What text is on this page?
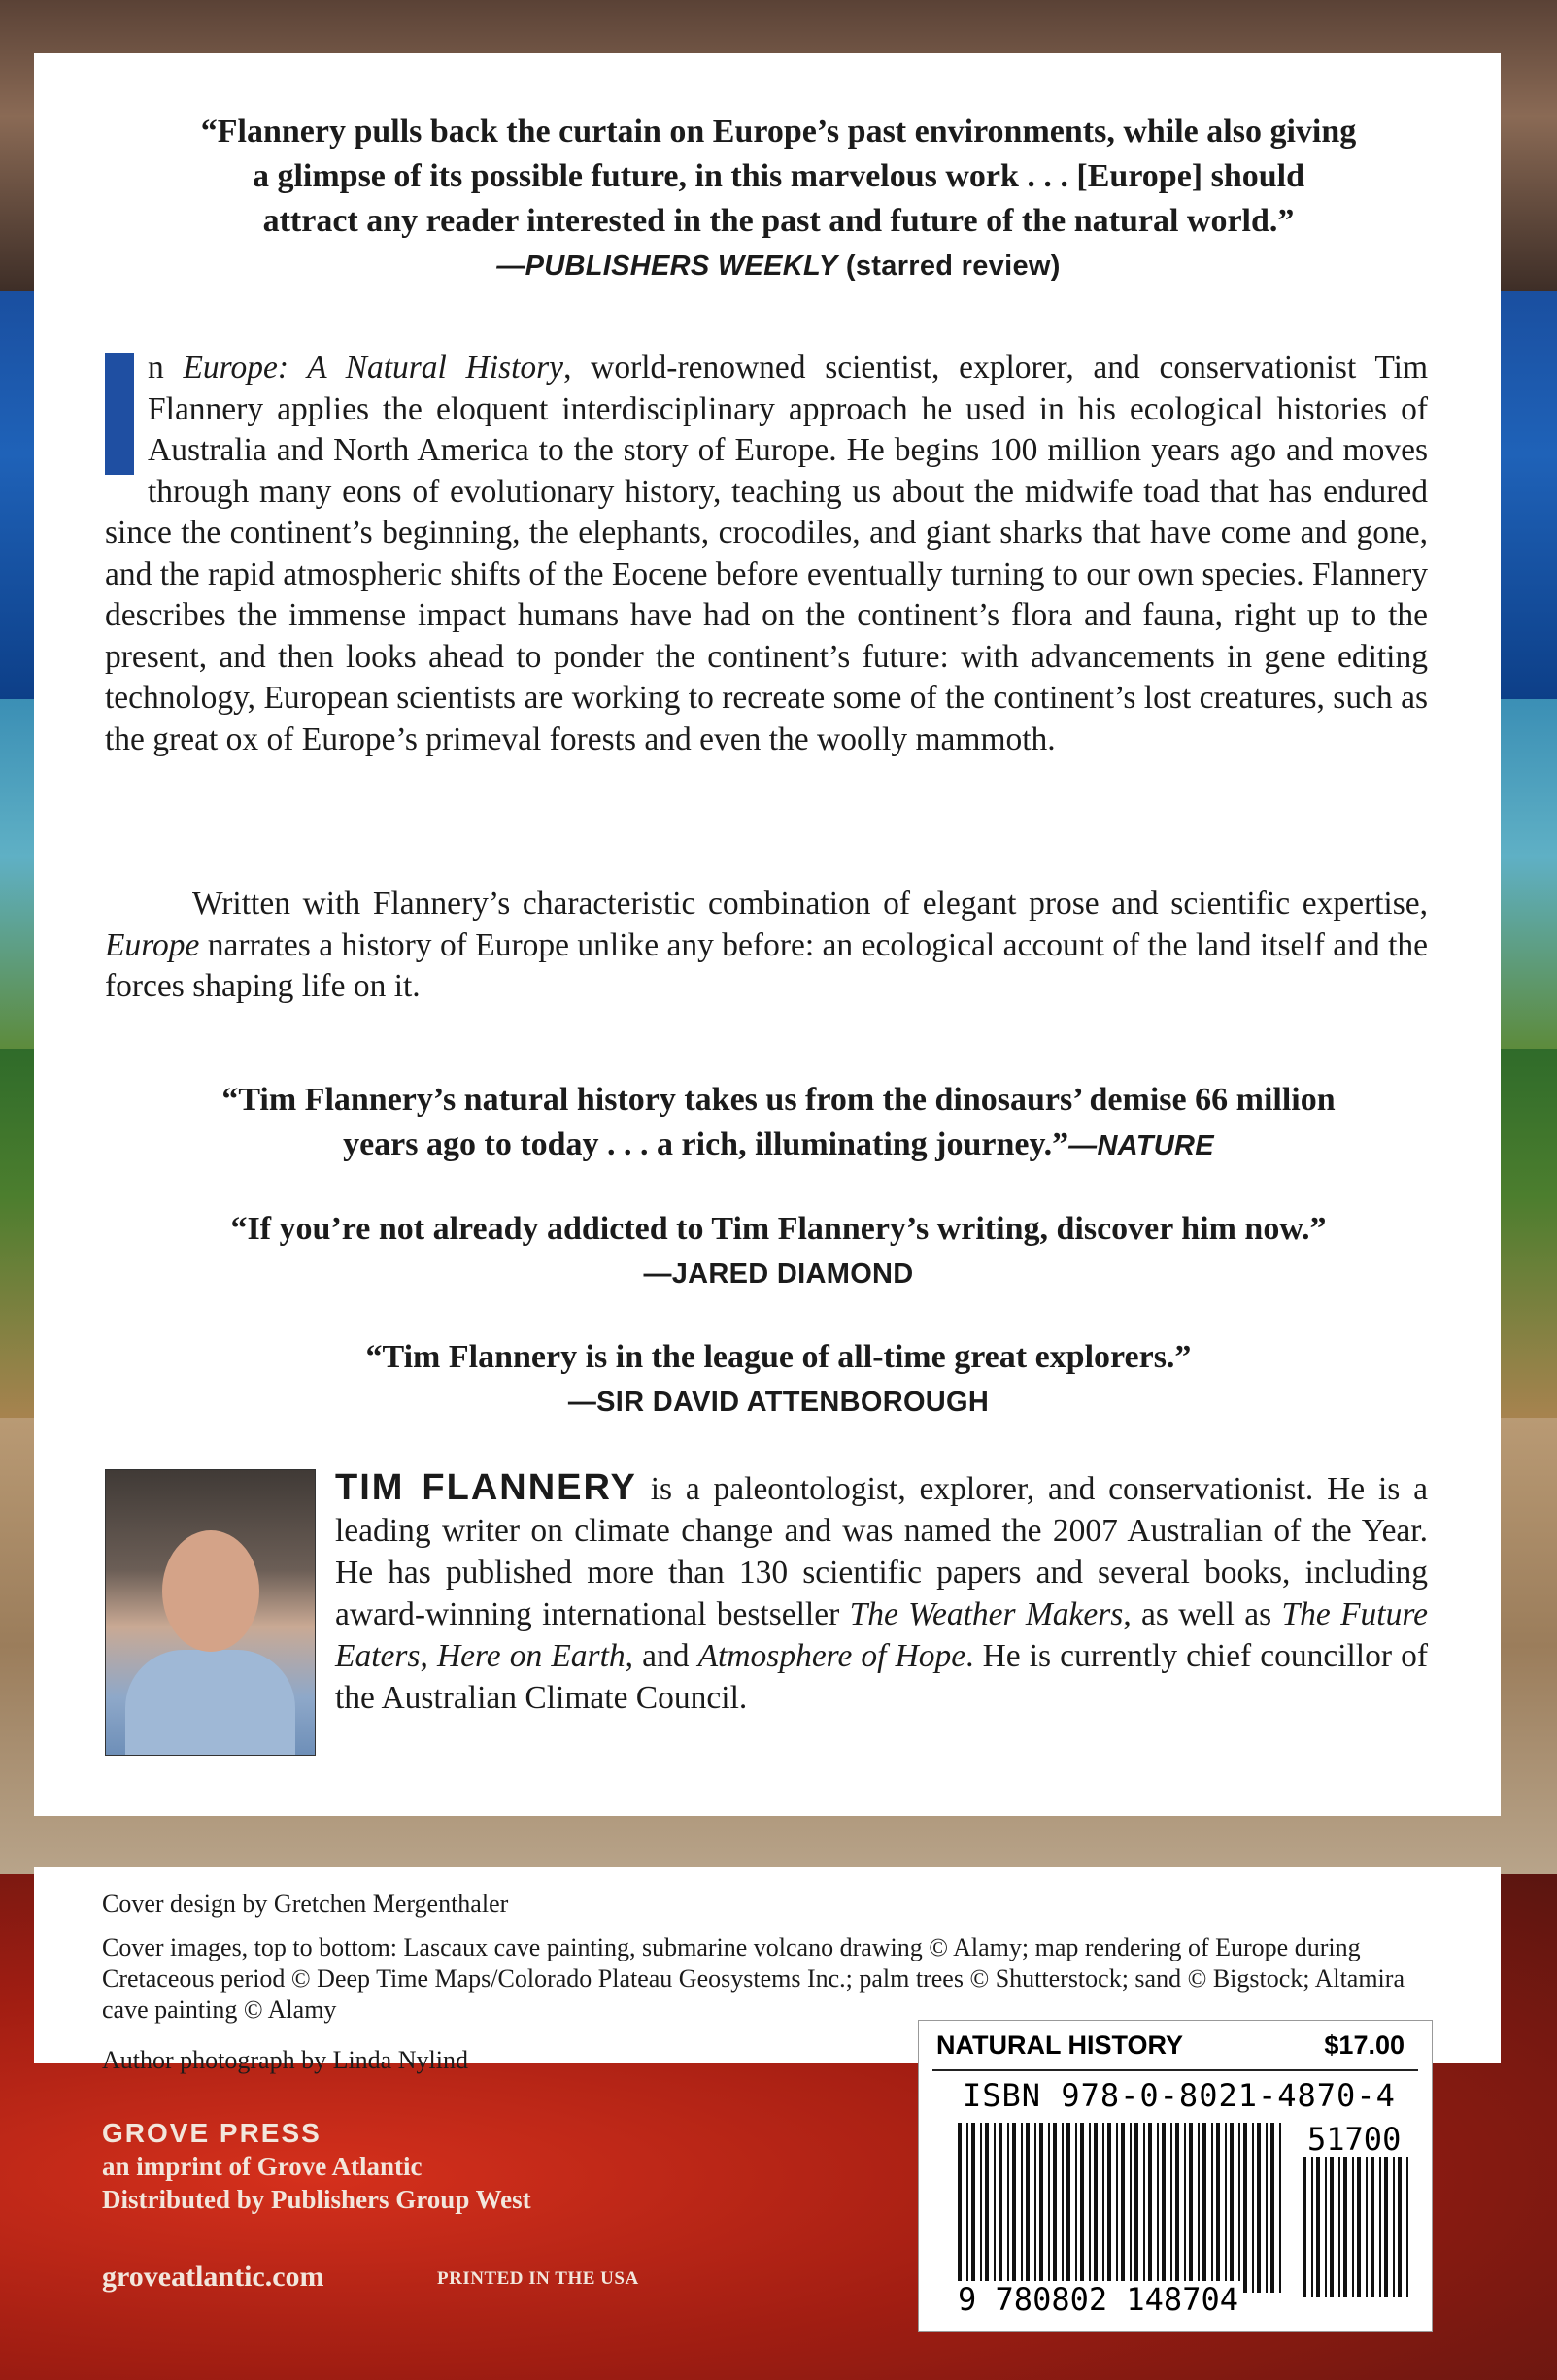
“Flannery pulls back the curtain on Europe’s past environments, while also giving
a glimpse of its possible future, in this marvelous work . . . [Europe] should
attract any reader interested in the past and future of the natural world.”
—PUBLISHERS WEEKLY (starred review)
n Europe: A Natural History, world-renowned scientist, explorer, and conservationist Tim Flannery applies the eloquent interdisciplinary approach he used in his ecological histories of Australia and North America to the story of Europe. He begins 100 million years ago and moves through many eons of evolutionary history, teaching us about the midwife toad that has endured since the continent’s beginning, the elephants, crocodiles, and giant sharks that have come and gone, and the rapid atmospheric shifts of the Eocene before eventually turning to our own species. Flannery describes the immense impact humans have had on the continent’s flora and fauna, right up to the present, and then looks ahead to ponder the continent’s future: with advancements in gene editing technology, European scientists are working to recreate some of the continent’s lost creatures, such as the great ox of Europe’s primeval forests and even the woolly mammoth.
Written with Flannery’s characteristic combination of elegant prose and scientific expertise, Europe narrates a history of Europe unlike any before: an ecological account of the land itself and the forces shaping life on it.
“Tim Flannery’s natural history takes us from the dinosaurs’ demise 66 million
years ago to today . . . a rich, illuminating journey.”—NATURE
“If you’re not already addicted to Tim Flannery’s writing, discover him now.”
—JARED DIAMOND
“Tim Flannery is in the league of all-time great explorers.”
—SIR DAVID ATTENBOROUGH
TIM FLANNERY is a paleontologist, explorer, and conservationist. He is a leading writer on climate change and was named the 2007 Australian of the Year. He has published more than 130 scientific papers and several books, including award-winning international bestseller The Weather Makers, as well as The Future Eaters, Here on Earth, and Atmosphere of Hope. He is currently chief councillor of the Australian Climate Council.
Cover design by Gretchen Mergenthaler
Cover images, top to bottom: Lascaux cave painting, submarine volcano drawing © Alamy; map rendering of Europe during Cretaceous period © Deep Time Maps/Colorado Plateau Geosystems Inc.; palm trees © Shutterstock; sand © Bigstock; Altamira cave painting © Alamy
Author photograph by Linda Nylind
GROVE PRESS
an imprint of Grove Atlantic
Distributed by Publishers Group West
groveatlantic.com	PRINTED IN THE USA
NATURAL HISTORY	$17.00
ISBN 978-0-8021-4870-4
51700
9 780802 148704
